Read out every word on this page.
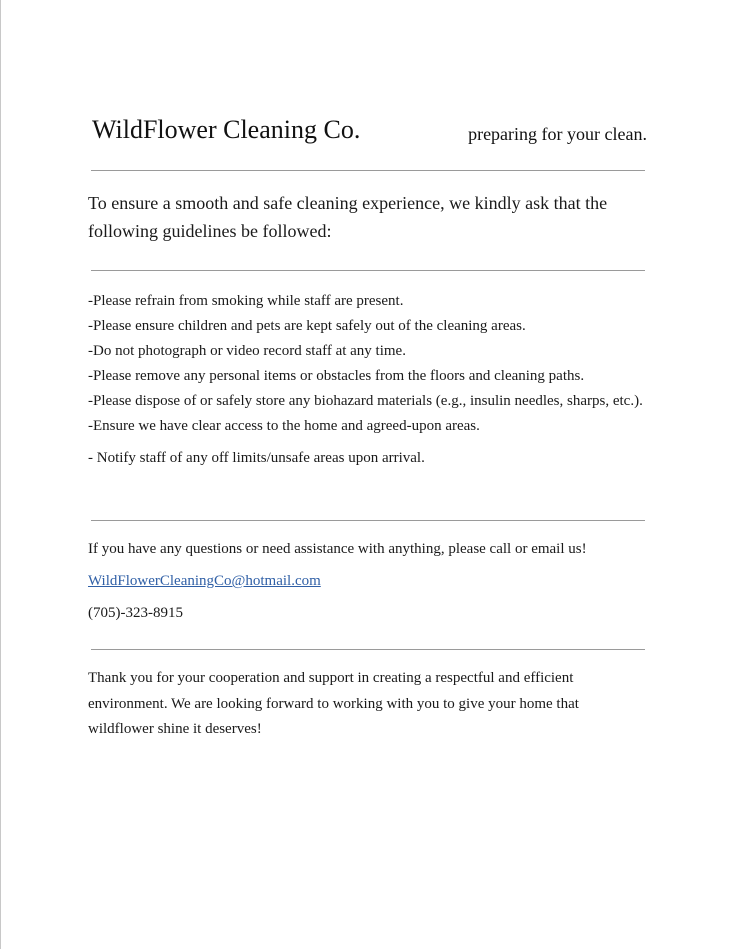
WildFlower Cleaning Co.	preparing for your clean.
To ensure a smooth and safe cleaning experience, we kindly ask that the following guidelines be followed:
-Please refrain from smoking while staff are present.
-Please ensure children and pets are kept safely out of the cleaning areas.
-Do not photograph or video record staff at any time.
-Please remove any personal items or obstacles from the floors and cleaning paths.
-Please dispose of or safely store any biohazard materials (e.g., insulin needles, sharps, etc.).
-Ensure we have clear access to the home and agreed-upon areas.
- Notify staff of any off limits/unsafe areas upon arrival.
If you have any questions or need assistance with anything, please call or email us!
WildFlowerCleaningCo@hotmail.com
(705)-323-8915
Thank you for your cooperation and support in creating a respectful and efficient environment. We are looking forward to working with you to give your home that wildflower shine it deserves!
